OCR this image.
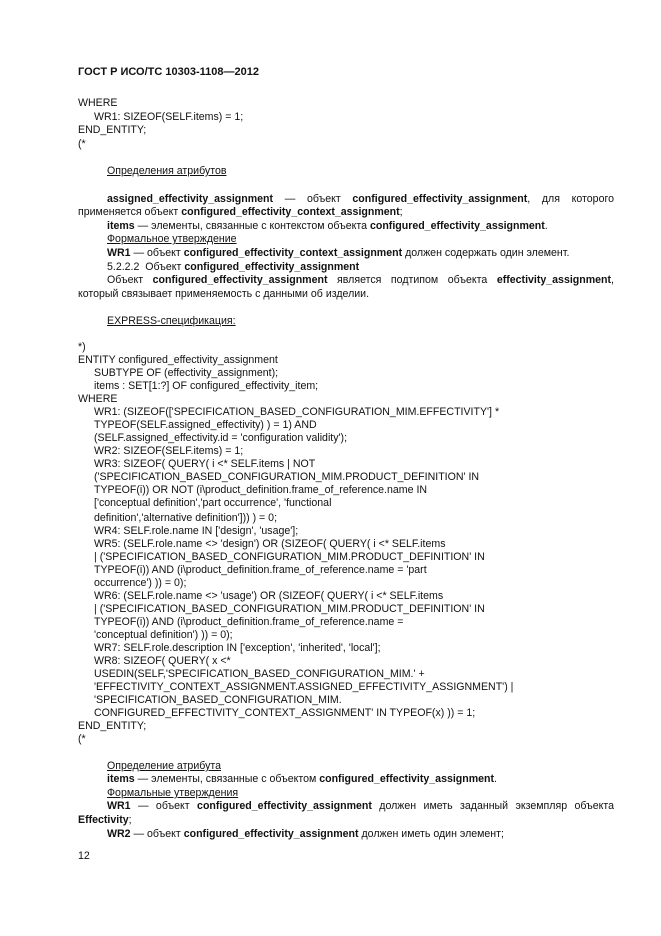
ГОСТ Р ИСО/ТС 10303-1108—2012
WHERE
WR1: SIZEOF(SELF.items) = 1;
END_ENTITY;
(*
Определения атрибутов
assigned_effectivity_assignment — объект configured_effectivity_assignment, для которого
применяется объект configured_effectivity_context_assignment;
items — элементы, связанные с контекстом объекта configured_effectivity_assignment.
Формальное утверждение
WR1 — объект configured_effectivity_context_assignment должен содержать один элемент.
5.2.2.2 Объект configured_effectivity_assignment
Объект configured_effectivity_assignment является подтипом объекта effectivity_assignment,
который связывает применяемость с данными об изделии.
EXPRESS-спецификация:
*)
ENTITY configured_effectivity_assignment
SUBTYPE OF (effectivity_assignment);
items : SET[1:?] OF configured_effectivity_item;
WHERE
WR1: (SIZEOF(['SPECIFICATION_BASED_CONFIGURATION_MIM.EFFECTIVITY'] *
TYPEOF(SELF.assigned_effectivity) ) = 1) AND
(SELF.assigned_effectivity.id = 'configuration validity');
WR2: SIZEOF(SELF.items) = 1;
WR3: SIZEOF( QUERY( i <* SELF.items | NOT
('SPECIFICATION_BASED_CONFIGURATION_MIM.PRODUCT_DEFINITION' IN
TYPEOF(i)) OR NOT (i\product_definition.frame_of_reference.name IN
['conceptual definition','part occurrence', 'functional
definition','alternative definition'])) ) = 0;
WR4: SELF.role.name IN ['design', 'usage'];
WR5: (SELF.role.name <> 'design') OR (SIZEOF( QUERY( i <* SELF.items
| ('SPECIFICATION_BASED_CONFIGURATION_MIM.PRODUCT_DEFINITION' IN
TYPEOF(i)) AND (i\product_definition.frame_of_reference.name = 'part
occurrence') )) = 0);
WR6: (SELF.role.name <> 'usage') OR (SIZEOF( QUERY( i <* SELF.items
| ('SPECIFICATION_BASED_CONFIGURATION_MIM.PRODUCT_DEFINITION' IN
TYPEOF(i)) AND (i\product_definition.frame_of_reference.name =
'conceptual definition') )) = 0);
WR7: SELF.role.description IN ['exception', 'inherited', 'local'];
WR8: SIZEOF( QUERY( x <*
USEDIN(SELF,'SPECIFICATION_BASED_CONFIGURATION_MIM.' +
'EFFECTIVITY_CONTEXT_ASSIGNMENT.ASSIGNED_EFFECTIVITY_ASSIGNMENT') |
'SPECIFICATION_BASED_CONFIGURATION_MIM.
CONFIGURED_EFFECTIVITY_CONTEXT_ASSIGNMENT' IN TYPEOF(x) )) = 1;
END_ENTITY;
(*
Определение атрибута
items — элементы, связанные с объектом configured_effectivity_assignment.
Формальные утверждения
WR1 — объект configured_effectivity_assignment должен иметь заданный экземпляр объекта
Effectivity;
WR2 — объект configured_effectivity_assignment должен иметь один элемент;
12
